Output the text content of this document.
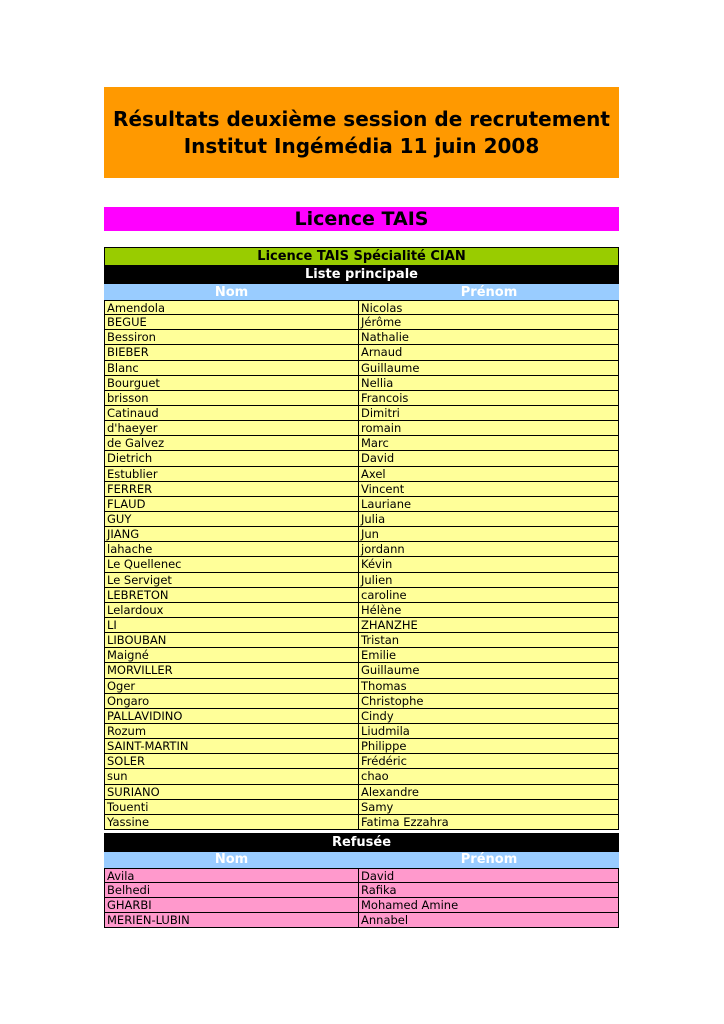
Résultats deuxième session de recrutement
Institut Ingémédia 11 juin 2008
Licence TAIS
Licence TAIS Spécialité CIAN
Liste principale
Nom	Prénom
Amendola	Nicolas
BEGUE	Jérôme
Bessiron	Nathalie
BIEBER	Arnaud
Blanc	Guillaume
Bourguet	Nellia
brisson	Francois
Catinaud	Dimitri
d'haeyer	romain
de Galvez	Marc
Dietrich	David
Estublier	Axel
FERRER	Vincent
FLAUD	Lauriane
GUY	Julia
JIANG	Jun
lahache	jordann
Le Quellenec	Kévin
Le Serviget	Julien
LEBRETON	caroline
Lelardoux	Hélène
LI	ZHANZHE
LIBOUBAN	Tristan
Maigné	Emilie
MORVILLER	Guillaume
Oger	Thomas
Ongaro	Christophe
PALLAVIDINO	Cindy
Rozum	Liudmila
SAINT-MARTIN	Philippe
SOLER	Frédéric
sun	chao
SURIANO	Alexandre
Touenti	Samy
Yassine	Fatima Ezzahra
Refusée
Nom	Prénom
Avila	David
Belhedi	Rafika
GHARBI	Mohamed Amine
MERIEN-LUBIN	Annabel
